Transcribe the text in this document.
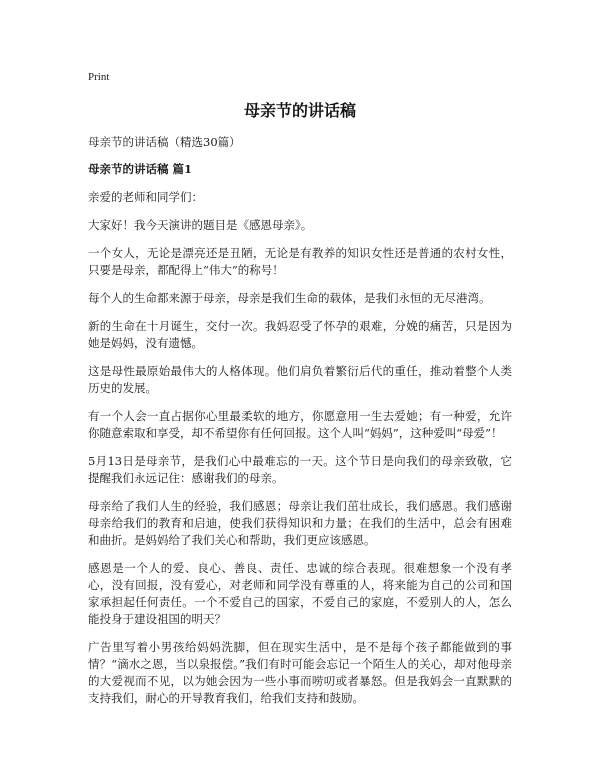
Print
母亲节的讲话稿

母亲节的讲话稿（精选30篇）

母亲节的讲话稿 篇1

亲爱的老师和同学们：

大家好！我今天演讲的题目是《感恩母亲》。

一个女人，无论是漂亮还是丑陋，无论是有教养的知识女性还是普通的农村女性，只要是母亲，都配得上“伟大”的称号！

每个人的生命都来源于母亲，母亲是我们生命的载体，是我们永恒的无尽港湾。

新的生命在十月诞生，交付一次。我妈忍受了怀孕的艰难，分娩的痛苦，只是因为她是妈妈，没有遗憾。

这是母性最原始最伟大的人格体现。他们肩负着繁衍后代的重任，推动着整个人类历史的发展。

有一个人会一直占据你心里最柔软的地方，你愿意用一生去爱她；有一种爱，允许你随意索取和享受，却不希望你有任何回报。这个人叫“妈妈”，这种爱叫“母爱”！

5月13日是母亲节，是我们心中最难忘的一天。这个节日是向我们的母亲致敬，它提醒我们永远记住：感谢我们的母亲。

母亲给了我们人生的经验，我们感恩；母亲让我们茁壮成长，我们感恩。我们感谢母亲给我们的教育和启迪，使我们获得知识和力量；在我们的生活中，总会有困难和曲折。是妈妈给了我们关心和帮助，我们更应该感恩。

感恩是一个人的爱、良心、善良、责任、忠诚的综合表现。很难想象一个没有孝心，没有回报，没有爱心，对老师和同学没有尊重的人，将来能为自己的公司和国家承担起任何责任。一个不爱自己的国家，不爱自己的家庭，不爱别人的人，怎么能投身于建设祖国的明天？

广告里写着小男孩给妈妈洗脚，但在现实生活中，是不是每个孩子都能做到的事情？“滴水之恩，当以泉报偿。”我们有时可能会忘记一个陌生人的关心，却对他母亲的大爱视而不见，以为她会因为一些小事而唠叨或者暴怒。但是我妈会一直默默的支持我们，耐心的开导教育我们，给我们支持和鼓励。
